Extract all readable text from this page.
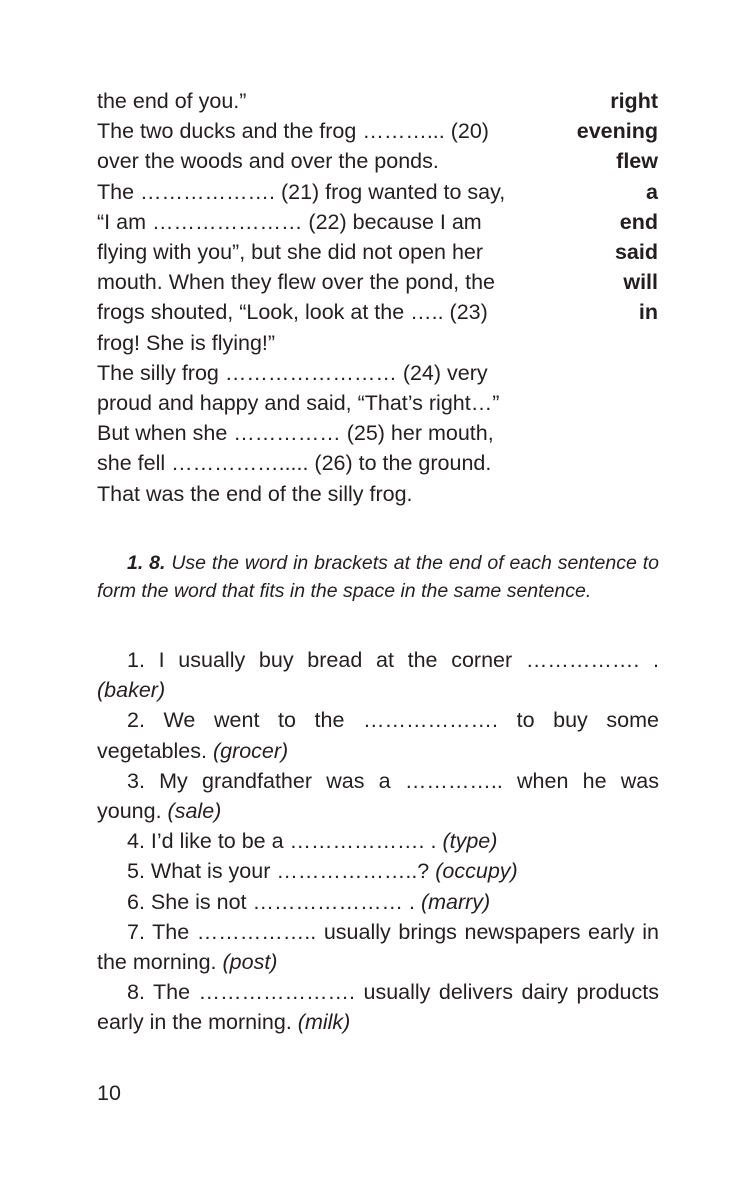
the end of you.”
The two ducks and the frog ………... (20)
over the woods and over the ponds.
The ………………. (21) frog wanted to say,
“I am ………………… (22) because I am
flying with you”, but she did not open her
mouth. When they flew over the pond, the
frogs shouted, “Look, look at the ….. (23)
frog! She is flying!”
The silly frog …………………… (24) very
proud and happy and said, “That’s right…”
But when she …………… (25) her mouth,
she fell ……………..... (26) to the ground.
That was the end of the silly frog.
right
evening
flew
a
end
said
will
in
1. 8. Use the word in brackets at the end of each sentence to form the word that fits in the space in the same sentence.
1. I usually buy bread at the corner ……………. . (baker)
2. We went to the ………………. to buy some vegetables. (grocer)
3. My grandfather was a ………….. when he was young. (sale)
4. I’d like to be a ………………. . (type)
5. What is your ………………..? (occupy)
6. She is not ………………… . (marry)
7. The …………….. usually brings newspapers early in the morning. (post)
8. The …………………. usually delivers dairy products early in the morning. (milk)
10
